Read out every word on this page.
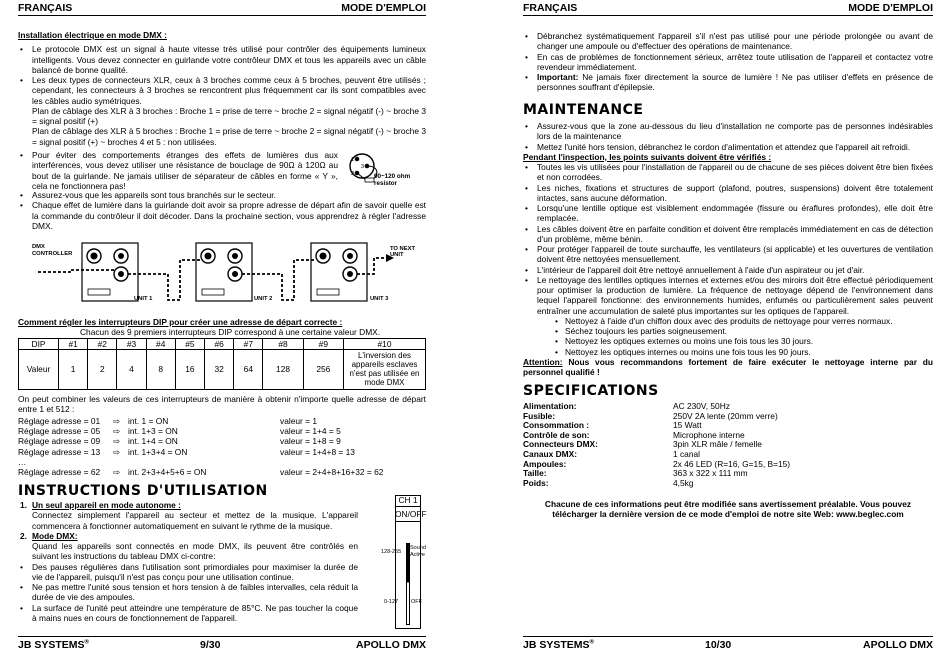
FRANÇAIS	MODE D'EMPLOI
Installation électrique en mode DMX :
• Le protocole DMX est un signal à haute vitesse très utilisé pour contrôler des équipements lumineux intelligents. Vous devez connecter en guirlande votre contrôleur DMX et tous les appareils avec un câble balancé de bonne qualité.
• Les deux types de connecteurs XLR, ceux à 3 broches comme ceux à 5 broches, peuvent être utilisés ; cependant, les connecteurs à 3 broches se rencontrent plus fréquemment car ils sont compatibles avec les câbles audio symétriques.
Plan de câblage des XLR à 3 broches : Broche 1 = prise de terre ~ broche 2 = signal négatif (-) ~ broche 3 = signal positif (+)
Plan de câblage des XLR à 5 broches : Broche 1 = prise de terre ~ broche 2 = signal négatif (-) ~ broche 3 = signal positif (+) ~ broches 4 et 5 : non utilisées.
• Pour éviter des comportements étranges des effets de lumières dus aux interférences, vous devez utiliser une résistance de bouclage de 90Ω à 120Ω au bout de la guirlande. Ne jamais utiliser de séparateur de câbles en forme « Y », cela ne fonctionnera pas!
1
3
2	90~120 ohm resistor
• Assurez-vous que les appareils sont tous branchés sur le secteur.
• Chaque effet de lumière dans la guirlande doit avoir sa propre adresse de départ afin de savoir quelle est la commande du contrôleur il doit décoder. Dans la prochaine section, vous apprendrez à régler l'adresse DMX.
DMX CONTROLLER
TO NEXT UNIT
UNIT 1	UNIT 2	UNIT 3
Comment régler les interrupteurs DIP pour créer une adresse de départ correcte :
Chacun des 9 premiers interrupteurs DIP correspond à une certaine valeur DMX.
DIP	#1	#2	#3	#4	#5	#6	#7	#8	#9	#10
Valeur	1	2	4	8	16	32	64	128	256	L'inversion des appareils esclaves n'est pas utilisée en mode DMX
On peut combiner les valeurs de ces interrupteurs de manière à obtenir n'importe quelle adresse de départ entre 1 et 512 :
Réglage adresse = 01 ⇨ int. 1 = ON	valeur = 1
Réglage adresse = 05 ⇨ int. 1+3 = ON	valeur = 1+4 = 5
Réglage adresse = 09 ⇨ int. 1+4 = ON	valeur = 1+8 = 9
Réglage adresse = 13 ⇨ int. 1+3+4 = ON	valeur = 1+4+8 = 13
…
Réglage adresse = 62 ⇨ int. 2+3+4+5+6 = ON	valeur = 2+4+8+16+32 = 62
INSTRUCTIONS D'UTILISATION
1. Un seul appareil en mode autonome :
Connectez simplement l'appareil au secteur et mettez de la musique. L'appareil commencera à fonctionner automatiquement en suivant le rythme de la musique.
2. Mode DMX:
Quand les appareils sont connectés en mode DMX, ils peuvent être contrôlés en suivant les instructions du tableau DMX ci-contre:
• Des pauses régulières dans l'utilisation sont primordiales pour maximiser la durée de vie de l'appareil, puisqu'il n'est pas conçu pour une utilisation continue.
• Ne pas mettre l'unité sous tension et hors tension à de faibles intervalles, cela réduit la durée de vie des ampoules.
• La surface de l'unité peut atteindre une température de 85°C. Ne pas toucher la coque à mains nues en cours de fonctionnement de l'appareil.
CH 1
ON/OFF
128-255
Sound Active
0-127 OFF
JB SYSTEMS®	9/30	APOLLO DMX
FRANÇAIS	MODE D'EMPLOI
• Débranchez systématiquement l'appareil s'il n'est pas utilisé pour une période prolongée ou avant de changer une ampoule ou d'effectuer des opérations de maintenance.
• En cas de problèmes de fonctionnement sérieux, arrêtez toute utilisation de l'appareil et contactez votre revendeur immédiatement.
• Important: Ne jamais fixer directement la source de lumière ! Ne pas utiliser d'effets en présence de personnes souffrant d'épilepsie.
MAINTENANCE
• Assurez-vous que la zone au-dessous du lieu d'installation ne comporte pas de personnes indésirables lors de la maintenance
• Mettez l'unité hors tension, débranchez le cordon d'alimentation et attendez que l'appareil ait refroidi.
Pendant l'inspection, les points suivants doivent être vérifiés :
• Toutes les vis utilisées pour l'installation de l'appareil ou de chacune de ses pièces doivent être bien fixées et non corrodées.
• Les niches, fixations et structures de support (plafond, poutres, suspensions) doivent être totalement intactes, sans aucune déformation.
• Lorsqu'une lentille optique est visiblement endommagée (fissure ou éraflures profondes), elle doit être remplacée.
• Les câbles doivent être en parfaite condition et doivent être remplacés immédiatement en cas de détection d'un problème, même bénin.
• Pour protéger l'appareil de toute surchauffe, les ventilateurs (si applicable) et les ouvertures de ventilation doivent être nettoyées mensuellement.
• L'intérieur de l'appareil doit être nettoyé annuellement à l'aide d'un aspirateur ou jet d'air.
• Le nettoyage des lentilles optiques internes et externes et/ou des miroirs doit être effectué périodiquement pour optimiser la production de lumière. La fréquence de nettoyage dépend de l'environnement dans lequel l'appareil fonctionne: des environnements humides, enfumés ou particulièrement sales peuvent entraîner une accumulation de saleté plus importantes sur les optiques de l'appareil.
• Nettoyez à l'aide d'un chiffon doux avec des produits de nettoyage pour verres normaux.
• Séchez toujours les parties soigneusement.
• Nettoyez les optiques externes ou moins une fois tous les 30 jours.
• Nettoyez les optiques internes ou moins une fois tous les 90 jours.
Attention: Nous vous recommandons fortement de faire exécuter le nettoyage interne par du personnel qualifié !
SPECIFICATIONS
Alimentation:	AC 230V, 50Hz
Fusible:	250V 2A lente (20mm verre)
Consommation :	15 Watt
Contrôle de son:	Microphone interne
Connecteurs DMX:	3pin XLR mâle / femelle
Canaux DMX:	1 canal
Ampoules:	2x 46 LED (R=16, G=15, B=15)
Taille:	363 x 322 x 111 mm
Poids:	4,5kg
Chacune de ces informations peut être modifiée sans avertissement préalable. Vous pouvez télécharger la dernière version de ce mode d'emploi de notre site Web: www.beglec.com
JB SYSTEMS®	10/30	APOLLO DMX
